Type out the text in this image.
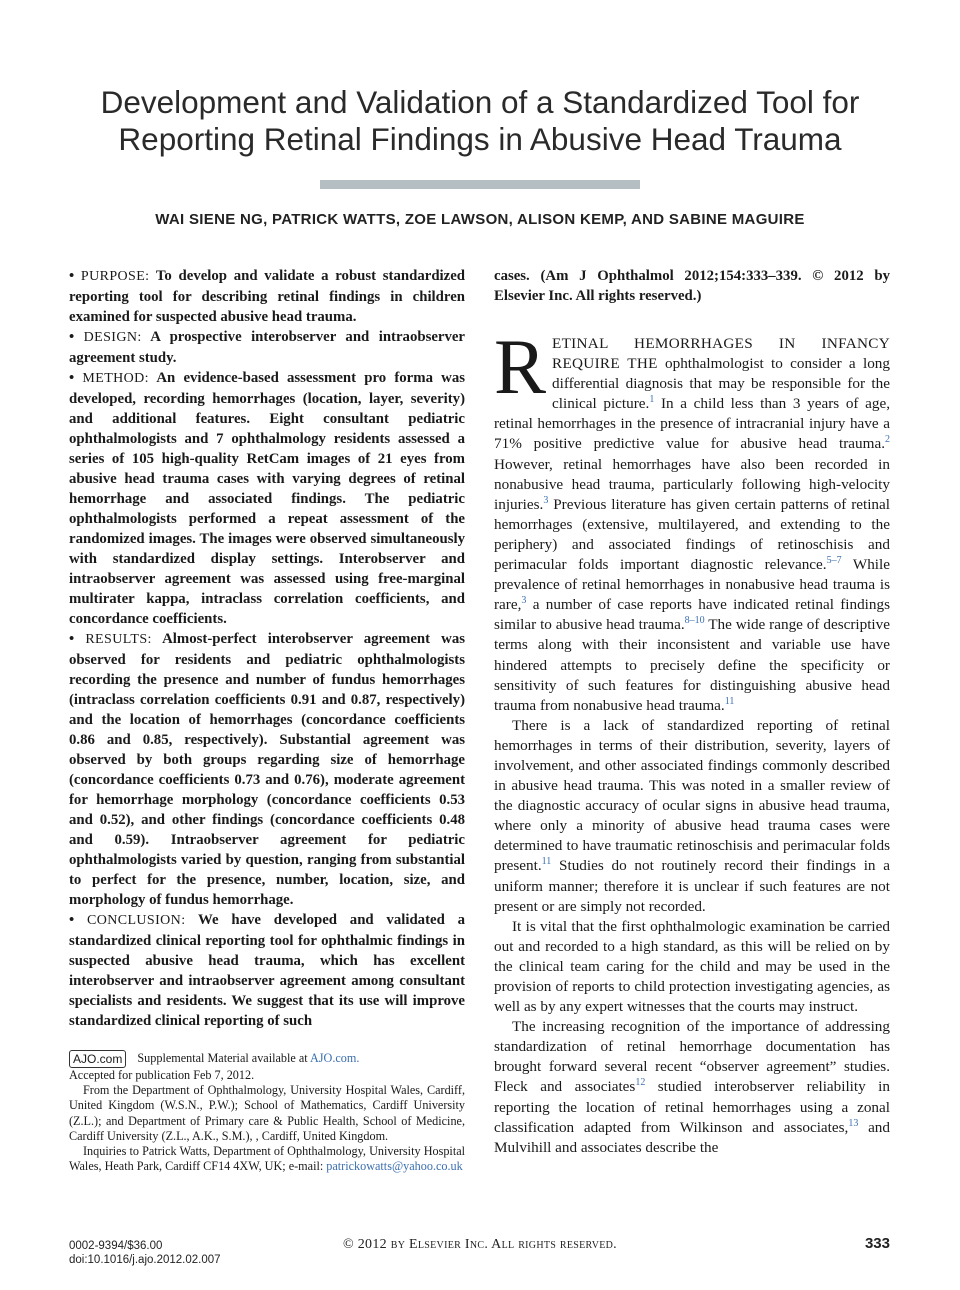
Development and Validation of a Standardized Tool for
Reporting Retinal Findings in Abusive Head Trauma
WAI SIENE NG, PATRICK WATTS, ZOE LAWSON, ALISON KEMP, AND SABINE MAGUIRE

• PURPOSE: To develop and validate a robust standardized reporting tool for describing retinal findings in children examined for suspected abusive head trauma.

• DESIGN: A prospective interobserver and intraobserver agreement study.

• METHOD: An evidence-based assessment pro forma was developed, recording hemorrhages (location, layer, severity) and additional features. Eight consultant pediatric ophthalmologists and 7 ophthalmology residents assessed a series of 105 high-quality RetCam images of 21 eyes from abusive head trauma cases with varying degrees of retinal hemorrhage and associated findings. The pediatric ophthalmologists performed a repeat assessment of the randomized images. The images were observed simultaneously with standardized display settings. Interobserver and intraobserver agreement was assessed using free-marginal multirater kappa, intraclass correlation coefficients, and concordance coefficients.

• RESULTS: Almost-perfect interobserver agreement was observed for residents and pediatric ophthalmologists recording the presence and number of fundus hemorrhages (intraclass correlation coefficients 0.91 and 0.87, respectively) and the location of hemorrhages (concordance coefficients 0.86 and 0.85, respectively). Substantial agreement was observed by both groups regarding size of hemorrhage (concordance coefficients 0.73 and 0.76), moderate agreement for hemorrhage morphology (concordance coefficients 0.53 and 0.52), and other findings (concordance coefficients 0.48 and 0.59). Intraobserver agreement for pediatric ophthalmologists varied by question, ranging from substantial to perfect for the presence, number, location, size, and morphology of fundus hemorrhage.

• CONCLUSION: We have developed and validated a standardized clinical reporting tool for ophthalmic findings in suspected abusive head trauma, which has excellent interobserver and intraobserver agreement among consultant specialists and residents. We suggest that its use will improve standardized clinical reporting of such

AJO.com Supplemental Material available at AJO.com.

Accepted for publication Feb 7, 2012.

From the Department of Ophthalmology, University Hospital Wales, Cardiff, United Kingdom (W.S.N., P.W.); School of Mathematics, Cardiff University (Z.L.); and Department of Primary care & Public Health, School of Medicine, Cardiff University (Z.L., A.K., S.M.), , Cardiff, United Kingdom.

Inquiries to Patrick Watts, Department of Ophthalmology, University Hospital Wales, Heath Park, Cardiff CF14 4XW, UK; e-mail: patrickowatts@yahoo.co.uk

cases. (Am J Ophthalmol 2012;154:333–339. © 2012 by Elsevier Inc. All rights reserved.)

RETINAL HEMORRHAGES IN INFANCY REQUIRE THE ophthalmologist to consider a long differential diagnosis that may be responsible for the clinical picture.$^1$ In a child less than 3 years of age, retinal hemorrhages in the presence of intracranial injury have a 71% positive predictive value for abusive head trauma.$^2$ However, retinal hemorrhages have also been recorded in nonabusive head trauma, particularly following high-velocity injuries.$^3$ Previous literature has given certain patterns of retinal hemorrhages (extensive, multilayered, and extending to the periphery) and associated findings of retinoschisis and perimacular folds important diagnostic relevance.$^{5-7}$ While prevalence of retinal hemorrhages in nonabusive head trauma is rare,$^3$ a number of case reports have indicated retinal findings similar to abusive head trauma.$^{8-10}$ The wide range of descriptive terms along with their inconsistent and variable use have hindered attempts to precisely define the specificity or sensitivity of such features for distinguishing abusive head trauma from nonabusive head trauma.$^{11}$

There is a lack of standardized reporting of retinal hemorrhages in terms of their distribution, severity, layers of involvement, and other associated findings commonly described in abusive head trauma. This was noted in a smaller review of the diagnostic accuracy of ocular signs in abusive head trauma, where only a minority of abusive head trauma cases were determined to have traumatic retinoschisis and perimacular folds present.$^{11}$ Studies do not routinely record their findings in a uniform manner; therefore it is unclear if such features are not present or are simply not recorded.

It is vital that the first ophthalmologic examination be carried out and recorded to a high standard, as this will be relied on by the clinical team caring for the child and may be used in the provision of reports to child protection investigating agencies, as well as by any expert witnesses that the courts may instruct.

The increasing recognition of the importance of addressing standardization of retinal hemorrhage documentation has brought forward several recent “observer agreement” studies. Fleck and associates$^{12}$ studied interobserver reliability in reporting the location of retinal hemorrhages using a zonal classification adapted from Wilkinson and associates,$^{13}$ and Mulvihill and associates describe the

0002-9394/$36.00
doi:10.1016/j.ajo.2012.02.007
© 2012 by Elsevier Inc. All rights reserved.	333
